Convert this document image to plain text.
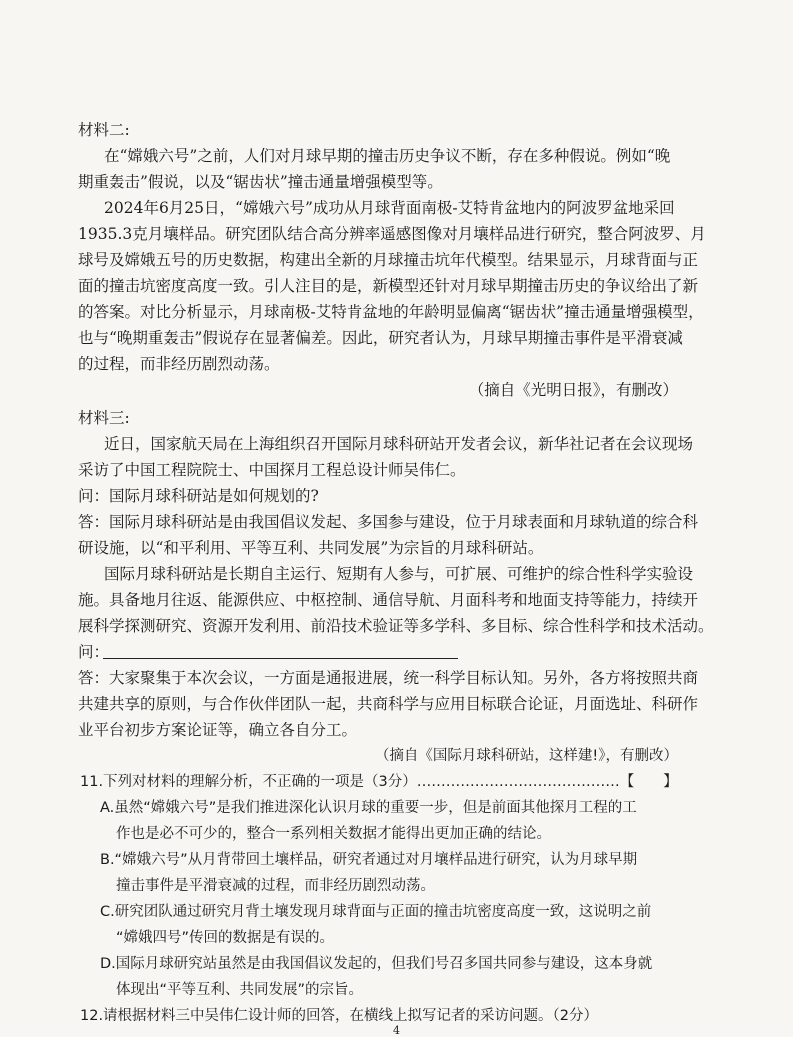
材料二:
在“嫦娥六号”之前，人们对月球早期的撞击历史争议不断，存在多种假说。例如“晚
期重轰击”假说，以及“锯齿状”撞击通量增强模型等。
2024年6月25日，“嫦娥六号”成功从月球背面南极-艾特肯盆地内的阿波罗盆地采回
1935.3克月壤样品。研究团队结合高分辨率遥感图像对月壤样品进行研究，整合阿波罗、月
球号及嫦娥五号的历史数据，构建出全新的月球撞击坑年代模型。结果显示，月球背面与正
面的撞击坑密度高度一致。引人注目的是，新模型还针对月球早期撞击历史的争议给出了新
的答案。对比分析显示，月球南极-艾特肯盆地的年龄明显偏离“锯齿状”撞击通量增强模型，
也与“晚期重轰击”假说存在显著偏差。因此，研究者认为，月球早期撞击事件是平滑衰减
的过程，而非经历剧烈动荡。
（摘自《光明日报》，有删改）
材料三:
近日，国家航天局在上海组织召开国际月球科研站开发者会议，新华社记者在会议现场
采访了中国工程院院士、中国探月工程总设计师吴伟仁。
问：国际月球科研站是如何规划的?
答：国际月球科研站是由我国倡议发起、多国参与建设，位于月球表面和月球轨道的综合科
研设施，以“和平利用、平等互利、共同发展”为宗旨的月球科研站。
国际月球科研站是长期自主运行、短期有人参与，可扩展、可维护的综合性科学实验设
施。具备地月往返、能源供应、中枢控制、通信导航、月面科考和地面支持等能力，持续开
展科学探测研究、资源开发利用、前沿技术验证等多学科、多目标、综合性科学和技术活动。
问：
答：大家聚集于本次会议，一方面是通报进展，统一科学目标认知。另外，各方将按照共商
共建共享的原则，与合作伙伴团队一起，共商科学与应用目标联合论证，月面选址、科研作
业平台初步方案论证等，确立各自分工。
（摘自《国际月球科研站，这样建!》，有删改）
11.下列对材料的理解分析，不正确的一项是（3分）……………………………………【　　】
A.虽然“嫦娥六号”是我们推进深化认识月球的重要一步，但是前面其他探月工程的工
作也是必不可少的，整合一系列相关数据才能得出更加正确的结论。
B.“嫦娥六号”从月背带回土壤样品，研究者通过对月壤样品进行研究，认为月球早期
撞击事件是平滑衰减的过程，而非经历剧烈动荡。
C.研究团队通过研究月背土壤发现月球背面与正面的撞击坑密度高度一致，这说明之前
“嫦娥四号”传回的数据是有误的。
D.国际月球研究站虽然是由我国倡议发起的，但我们号召多国共同参与建设，这本身就
体现出“平等互利、共同发展”的宗旨。
12.请根据材料三中吴伟仁设计师的回答，在横线上拟写记者的采访问题。（2分）
4
